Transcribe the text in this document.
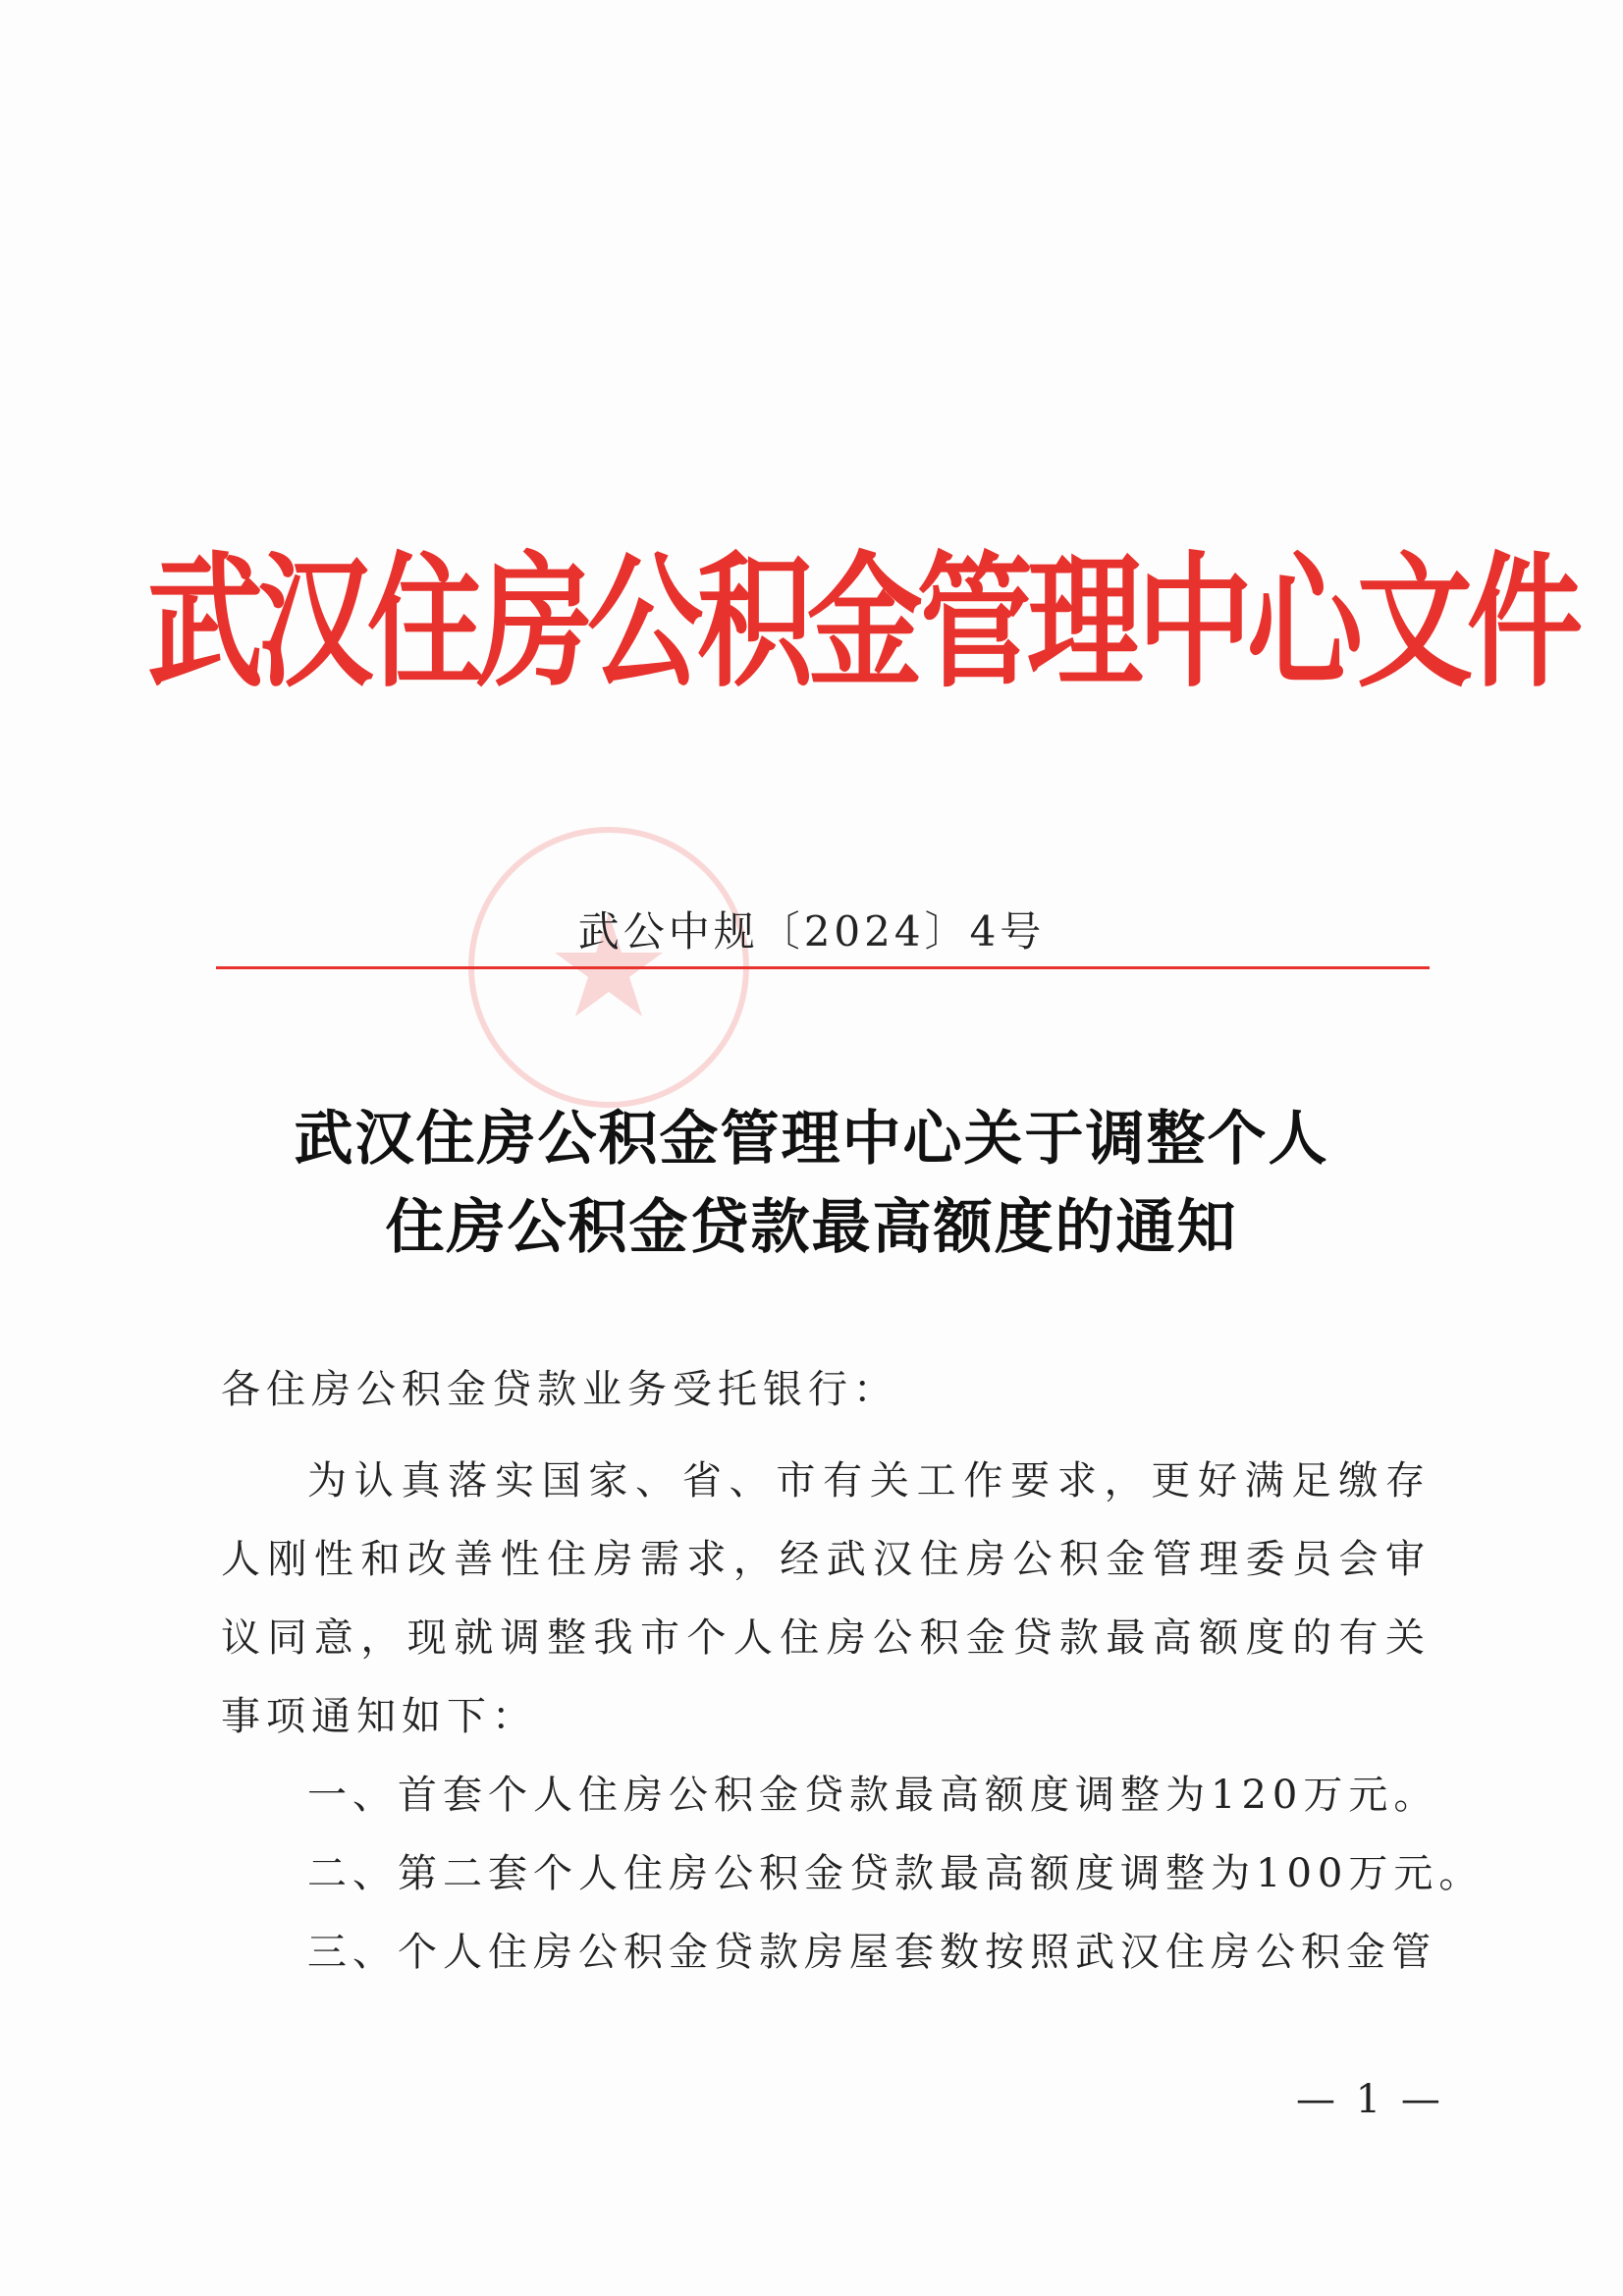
武汉住房公积金管理中心文件
武公中规〔2024〕4号
武汉住房公积金管理中心关于调整个人
住房公积金贷款最高额度的通知
各住房公积金贷款业务受托银行：

为认真落实国家、省、市有关工作要求，更好满足缴存人刚性和改善性住房需求，经武汉住房公积金管理委员会审议同意，现就调整我市个人住房公积金贷款最高额度的有关事项通知如下：

一、首套个人住房公积金贷款最高额度调整为120万元。
二、第二套个人住房公积金贷款最高额度调整为100万元。
三、个人住房公积金贷款房屋套数按照武汉住房公积金管
— 1 —
